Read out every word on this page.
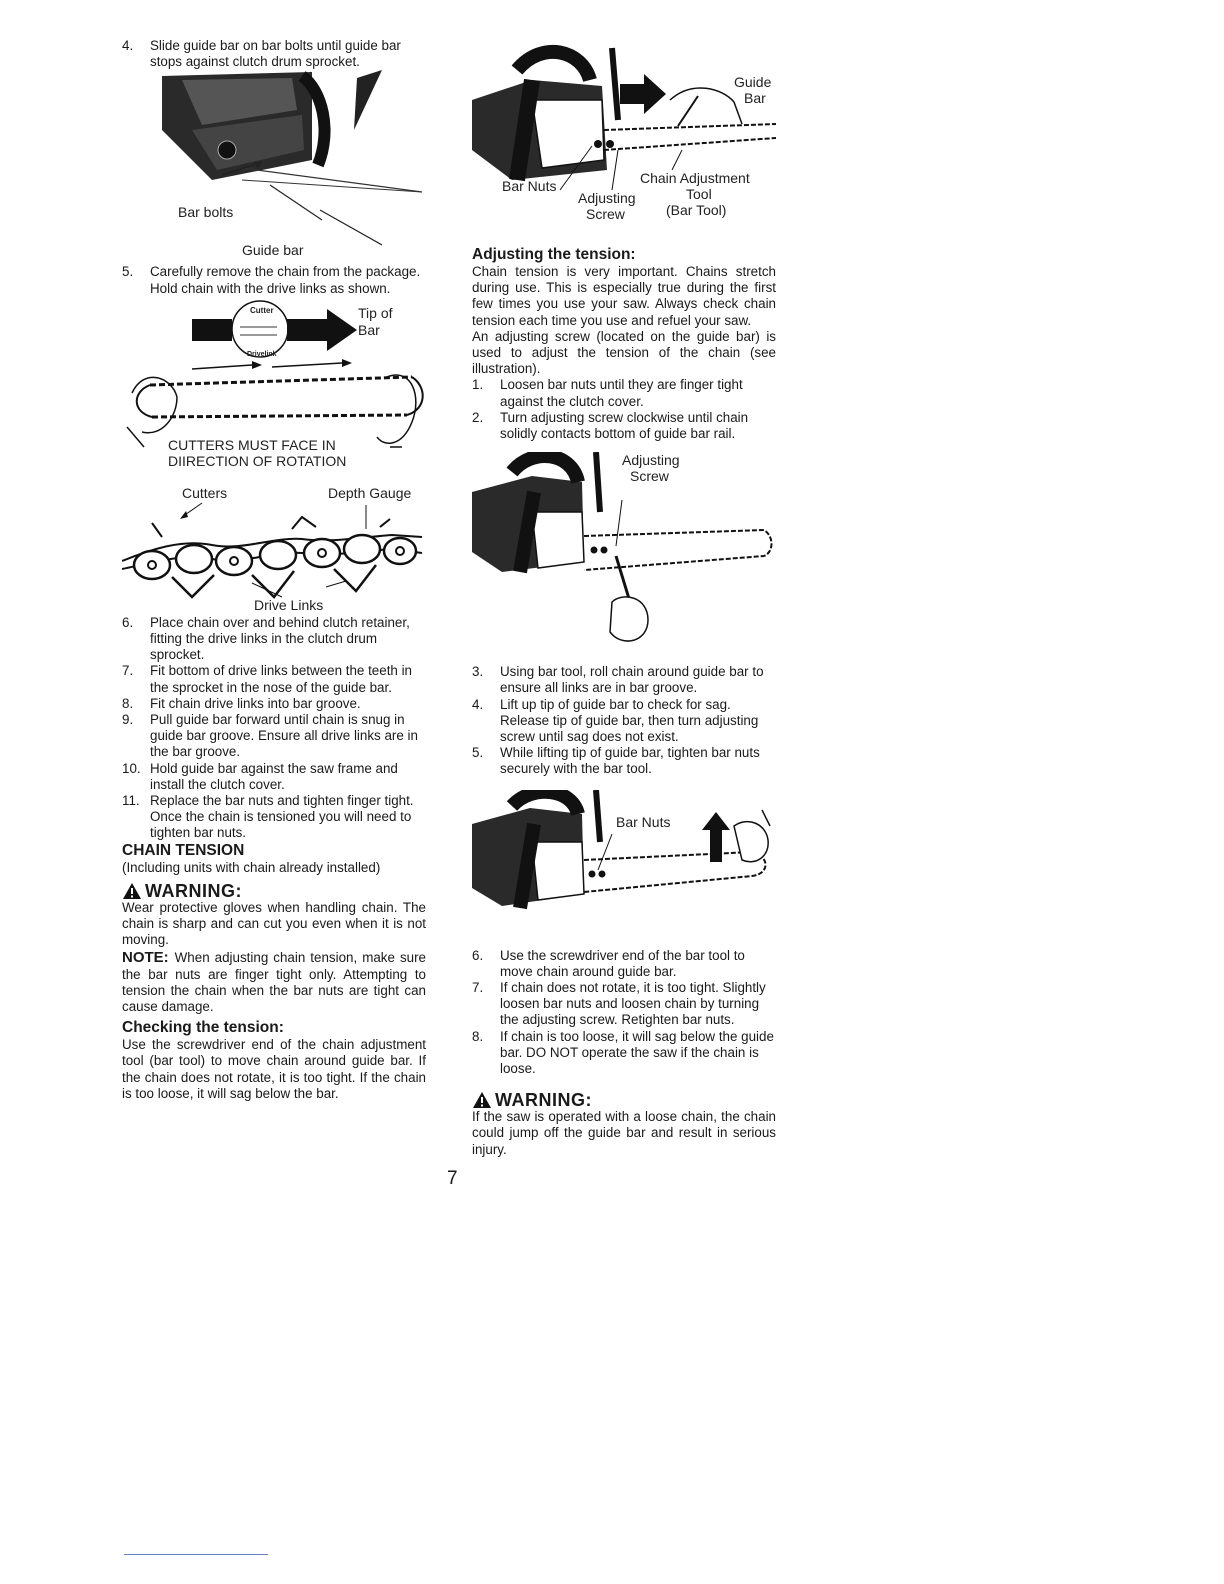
4.	Slide guide bar on bar bolts until guide bar stops against clutch drum sprocket.
Bar bolts
Guide bar
5.	Carefully remove the chain from the package. Hold chain with the drive links as shown.
Cutter
Drivelink
Tip of
Bar
CUTTERS MUST FACE IN
DIIRECTION OF ROTATION
Cutters	Depth Gauge
Drive Links
6.	Place chain over and behind clutch retainer, fitting the drive links in the clutch drum sprocket.
7.	Fit bottom of drive links between the teeth in the sprocket in the nose of the guide bar.
8.	Fit chain drive links into bar groove.
9.	Pull guide bar forward until chain is snug in guide bar groove. Ensure all drive links are in the bar groove.
10. Hold guide bar against the saw frame and install the clutch cover.
11. Replace the bar nuts and tighten finger tight. Once the chain is tensioned you will need to tighten bar nuts.
CHAIN TENSION

(Including units with chain already installed)

WARNING:

Wear protective gloves when handling chain. The chain is sharp and can cut you even when it is not moving.

NOTE: When adjusting chain tension, make sure the bar nuts are finger tight only. Attempting to tension the chain when the bar nuts are tight can cause damage.

Checking the tension:

Use the screwdriver end of the chain adjustment tool (bar tool) to move chain around guide bar. If the chain does not rotate, it is too tight. If the chain is too loose, it will sag below the bar.

Guide
Bar
Bar Nuts	Chain Adjustment
Tool
(Bar Tool)
Adjusting
Screw
Adjusting the tension:

Chain tension is very important. Chains stretch during use. This is especially true during the first few times you use your saw. Always check chain tension each time you use and refuel your saw.

An adjusting screw (located on the guide bar) is used to adjust the tension of the chain (see illustration).

1.	Loosen bar nuts until they are finger tight against the clutch cover.
2.	Turn adjusting screw clockwise until chain solidly contacts bottom of guide bar rail.
Adjusting
Screw
3.	Using bar tool, roll chain around guide bar to ensure all links are in bar groove.
4.	Lift up tip of guide bar to check for sag. Release tip of guide bar, then turn adjusting screw until sag does not exist.
5.	While lifting tip of guide bar, tighten bar nuts securely with the bar tool.
Bar Nuts
6.	Use the screwdriver end of the bar tool to move chain around guide bar.
7.	If chain does not rotate, it is too tight. Slightly loosen bar nuts and loosen chain by turning the adjusting screw. Retighten bar nuts.
8.	If chain is too loose, it will sag below the guide bar. DO NOT operate the saw if the chain is loose.
WARNING:

If the saw is operated with a loose chain, the chain could jump off the guide bar and result in serious injury.

7
